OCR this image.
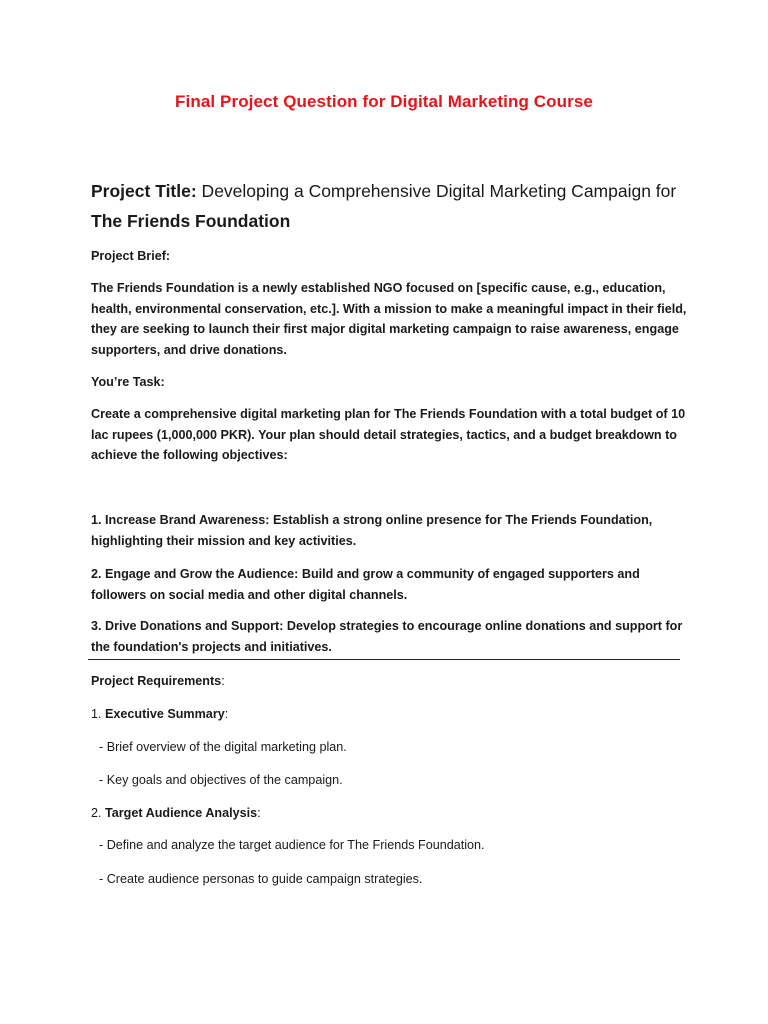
Final Project Question for Digital Marketing Course
Project Title: Developing a Comprehensive Digital Marketing Campaign for The Friends Foundation
Project Brief:
The Friends Foundation is a newly established NGO focused on [specific cause, e.g., education, health, environmental conservation, etc.]. With a mission to make a meaningful impact in their field, they are seeking to launch their first major digital marketing campaign to raise awareness, engage supporters, and drive donations.
You’re Task:
Create a comprehensive digital marketing plan for The Friends Foundation with a total budget of 10 lac rupees (1,000,000 PKR). Your plan should detail strategies, tactics, and a budget breakdown to achieve the following objectives:
1. Increase Brand Awareness: Establish a strong online presence for The Friends Foundation, highlighting their mission and key activities.
2. Engage and Grow the Audience: Build and grow a community of engaged supporters and followers on social media and other digital channels.
3. Drive Donations and Support: Develop strategies to encourage online donations and support for the foundation's projects and initiatives.
Project Requirements:
1. Executive Summary:
- Brief overview of the digital marketing plan.
- Key goals and objectives of the campaign.
2. Target Audience Analysis:
- Define and analyze the target audience for The Friends Foundation.
- Create audience personas to guide campaign strategies.
